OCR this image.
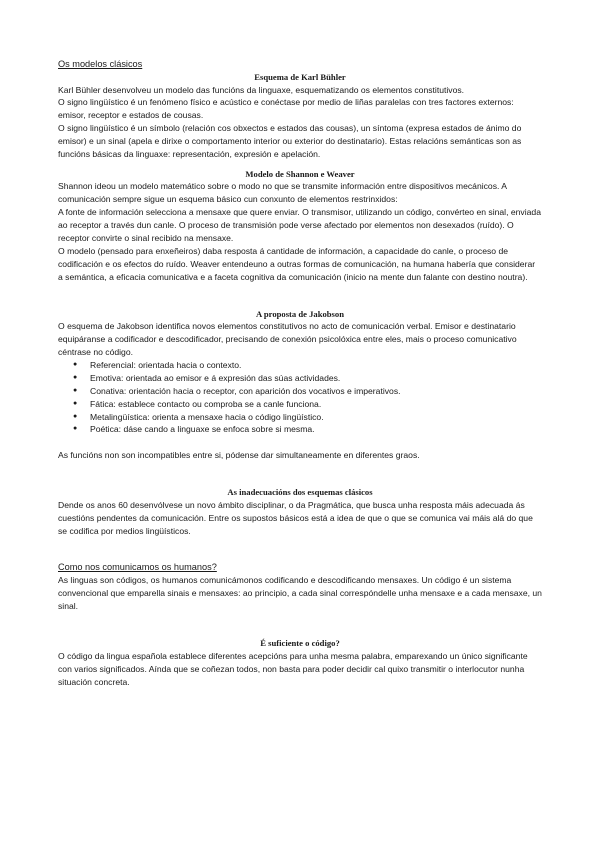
Os modelos clásicos
Esquema de Karl Bühler

Karl Bühler desenvolveu un modelo das funcións da linguaxe, esquematizando os elementos constitutivos.

O signo lingüístico é un fenómeno físico e acústico e conéctase por medio de liñas paralelas con tres factores externos: emisor, receptor e estados de cousas.

O signo lingüístico é un símbolo (relación cos obxectos e estados das cousas), un síntoma (expresa estados de ánimo do emisor) e un sinal (apela e dirixe o comportamento interior ou exterior do destinatario). Estas relacións semánticas son as funcións básicas da linguaxe: representación, expresión e apelación.

Modelo de Shannon e Weaver

Shannon ideou un modelo matemático sobre o modo no que se transmite información entre dispositivos mecánicos. A comunicación sempre sigue un esquema básico cun conxunto de elementos restrinxidos:

A fonte de información selecciona a mensaxe que quere enviar. O transmisor, utilizando un código, convérteo en sinal, enviada ao receptor a través dun canle. O proceso de transmisión pode verse afectado por elementos non desexados (ruído). O receptor convirte o sinal recibido na mensaxe.

O modelo (pensado para enxeñeiros) daba resposta á cantidade de información, a capacidade do canle, o proceso de codificación e os efectos do ruído. Weaver entendeuno a outras formas de comunicación, na humana habería que considerar a semántica, a eficacia comunicativa e a faceta cognitiva da comunicación (inicio na mente dun falante con destino noutra).

A proposta de Jakobson

O esquema de Jakobson identifica novos elementos constitutivos no acto de comunicación verbal. Emisor e destinatario equipáranse a codificador e descodificador, precisando de conexión psicolóxica entre eles, mais o proceso comunicativo céntrase no código.

● Referencial: orientada hacia o contexto.
● Emotiva: orientada ao emisor e á expresión das súas actividades.
● Conativa: orientación hacia o receptor, con aparición dos vocativos e imperativos.
● Fática: establece contacto ou comproba se a canle funciona.
● Metalingüística: orienta a mensaxe hacia o código lingüístico.
● Poética: dáse cando a linguaxe se enfoca sobre si mesma.

As funcións non son incompatibles entre si, pódense dar simultaneamente en diferentes graos.

As inadecuacións dos esquemas clásicos

Dende os anos 60 desenvólvese un novo ámbito disciplinar, o da Pragmática, que busca unha resposta máis adecuada ás cuestións pendentes da comunicación. Entre os supostos básicos está a idea de que o que se comunica vai máis alá do que se codifica por medios lingüísticos.

Como nos comunicamos os humanos?

As linguas son códigos, os humanos comunicámonos codificando e descodificando mensaxes. Un código é un sistema convencional que emparella sinais e mensaxes: ao principio, a cada sinal correspóndelle unha mensaxe e a cada mensaxe, un sinal.

É suficiente o código?

O código da lingua española establece diferentes acepcións para unha mesma palabra, emparexando un único significante con varios significados. Aínda que se coñezan todos, non basta para poder decidir cal quixo transmitir o interlocutor nunha situación concreta.
